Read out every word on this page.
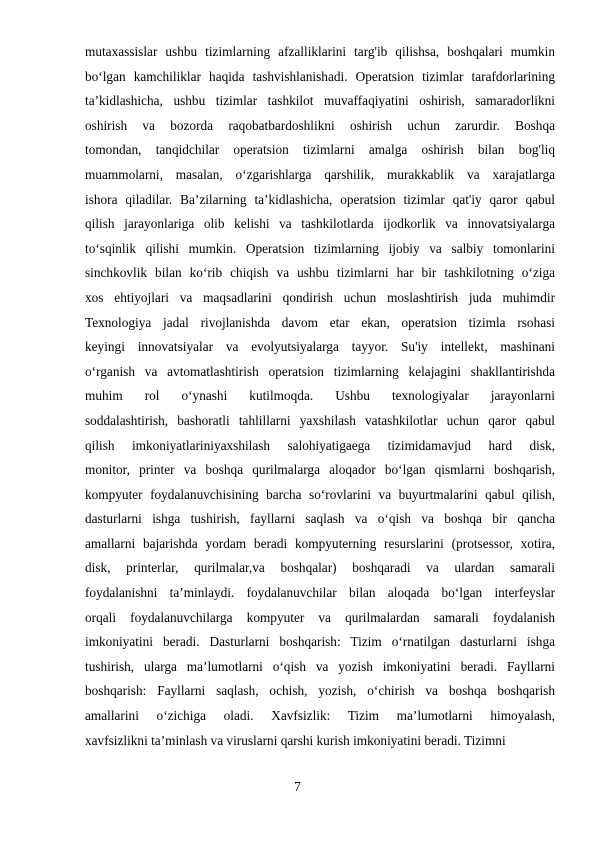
mutaxassislar ushbu tizimlarning afzalliklarini targ'ib qilishsa, boshqalari mumkin
boʻlgan kamchiliklar haqida tashvishlanishadi. Operatsion tizimlar tarafdorlarining
taʼkidlashicha, ushbu tizimlar tashkilot muvaffaqiyatini oshirish, samaradorlikni
oshirish va bozorda raqobatbardoshlikni oshirish uchun zarurdir. Boshqa
tomondan, tanqidchilar operatsion tizimlarni amalga oshirish bilan bog'liq
muammolarni, masalan, oʻzgarishlarga qarshilik, murakkablik va xarajatlarga
ishora qiladilar. Baʼzilarning taʼkidlashicha, operatsion tizimlar qat'iy qaror qabul
qilish jarayonlariga olib kelishi va tashkilotlarda ijodkorlik va innovatsiyalarga
toʻsqinlik qilishi mumkin. Operatsion tizimlarning ijobiy va salbiy tomonlarini
sinchkovlik bilan koʻrib chiqish va ushbu tizimlarni har bir tashkilotning oʻziga
xos ehtiyojlari va maqsadlarini qondirish uchun moslashtirish juda muhimdir
Texnologiya jadal rivojlanishda davom etar ekan, operatsion tizimla rsohasi
keyingi innovatsiyalar va evolyutsiyalarga tayyor. Su'iy intellekt, mashinani
oʻrganish va avtomatlashtirish operatsion tizimlarning kelajagini shakllantirishda
muhim rol oʻynashi kutilmoqda. Ushbu texnologiyalar jarayonlarni
soddalashtirish, bashoratli tahlillarni yaxshilash vatashkilotlar uchun qaror qabul
qilish imkoniyatlariniyaxshilash salohiyatigaega tizimidamavjud hard disk,
monitor, printer va boshqa qurilmalarga aloqador boʻlgan qismlarni boshqarish,
kompyuter foydalanuvchisining barcha soʻrovlarini va buyurtmalarini qabul qilish,
dasturlarni ishga tushirish, fayllarni saqlash va oʻqish va boshqa bir qancha
amallarni bajarishda yordam beradi kompyuterning resurslarini (protsessor, xotira,
disk, printerlar, qurilmalar,va boshqalar) boshqaradi va ulardan samarali
foydalanishni taʼminlaydi. foydalanuvchilar bilan aloqada boʻlgan interfeyslar
orqali foydalanuvchilarga kompyuter va qurilmalardan samarali foydalanish
imkoniyatini beradi. Dasturlarni boshqarish: Tizim oʻrnatilgan dasturlarni ishga
tushirish, ularga maʼlumotlarni oʻqish va yozish imkoniyatini beradi. Fayllarni
boshqarish: Fayllarni saqlash, ochish, yozish, oʻchirish va boshqa boshqarish
amallarini oʻzichiga oladi. Xavfsizlik: Tizim maʼlumotlarni himoyalash,
xavfsizlikni taʼminlash va viruslarni qarshi kurish imkoniyatini beradi. Tizimni
7
